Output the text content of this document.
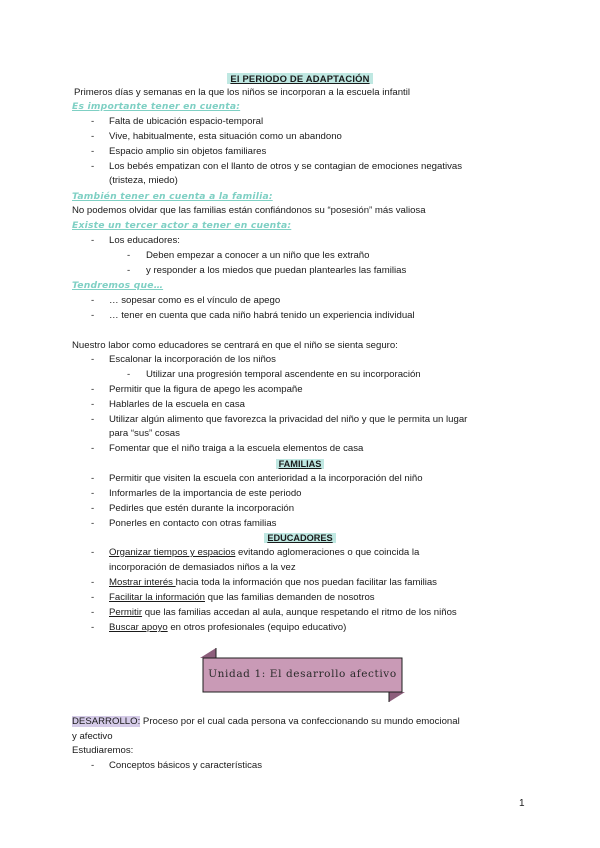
El PERIODO DE ADAPTACIÓN
Primeros días y semanas en la que los niños se incorporan a la escuela infantil
Es importante tener en cuenta:
- Falta de ubicación espacio-temporal
- Vive, habitualmente, esta situación como un abandono
- Espacio amplio sin objetos familiares
- Los bebés empatizan con el llanto de otros y se contagian de emociones negativas
(tristeza, miedo)
También tener en cuenta a la familia:
No podemos olvidar que las familias están confiándonos su “posesión” más valiosa
Existe un tercer actor a tener en cuenta:
- Los educadores:
- Deben empezar a conocer a un niño que les extraño
- y responder a los miedos que puedan plantearles las familias
Tendremos que…
- … sopesar como es el vínculo de apego
- … tener en cuenta que cada niño habrá tenido un experiencia individual
Nuestro labor como educadores se centrará en que el niño se sienta seguro:
- Escalonar la incorporación de los niños
- Utilizar una progresión temporal ascendente en su incorporación
- Permitir que la figura de apego les acompañe
- Hablarles de la escuela en casa
- Utilizar algún alimento que favorezca la privacidad del niño y que le permita un lugar
para “sus” cosas
- Fomentar que el niño traiga a la escuela elementos de casa
FAMILIAS
- Permitir que visiten la escuela con anterioridad a la incorporación del niño
- Informarles de la importancia de este periodo
- Pedirles que estén durante la incorporación
- Ponerles en contacto con otras familias
EDUCADORES
- Organizar tiempos y espacios evitando aglomeraciones o que coincida la
incorporación de demasiados niños a la vez
- Mostrar interés hacia toda la información que nos puedan facilitar las familias
- Facilitar la información que las familias demanden de nosotros
- Permitir que las familias accedan al aula, aunque respetando el ritmo de los niños
- Buscar apoyo en otros profesionales (equipo educativo)
Unidad 1: El desarrollo afectivo
DESARROLLO: Proceso por el cual cada persona va confeccionando su mundo emocional
y afectivo
Estudiaremos:
- Conceptos básicos y características
1
